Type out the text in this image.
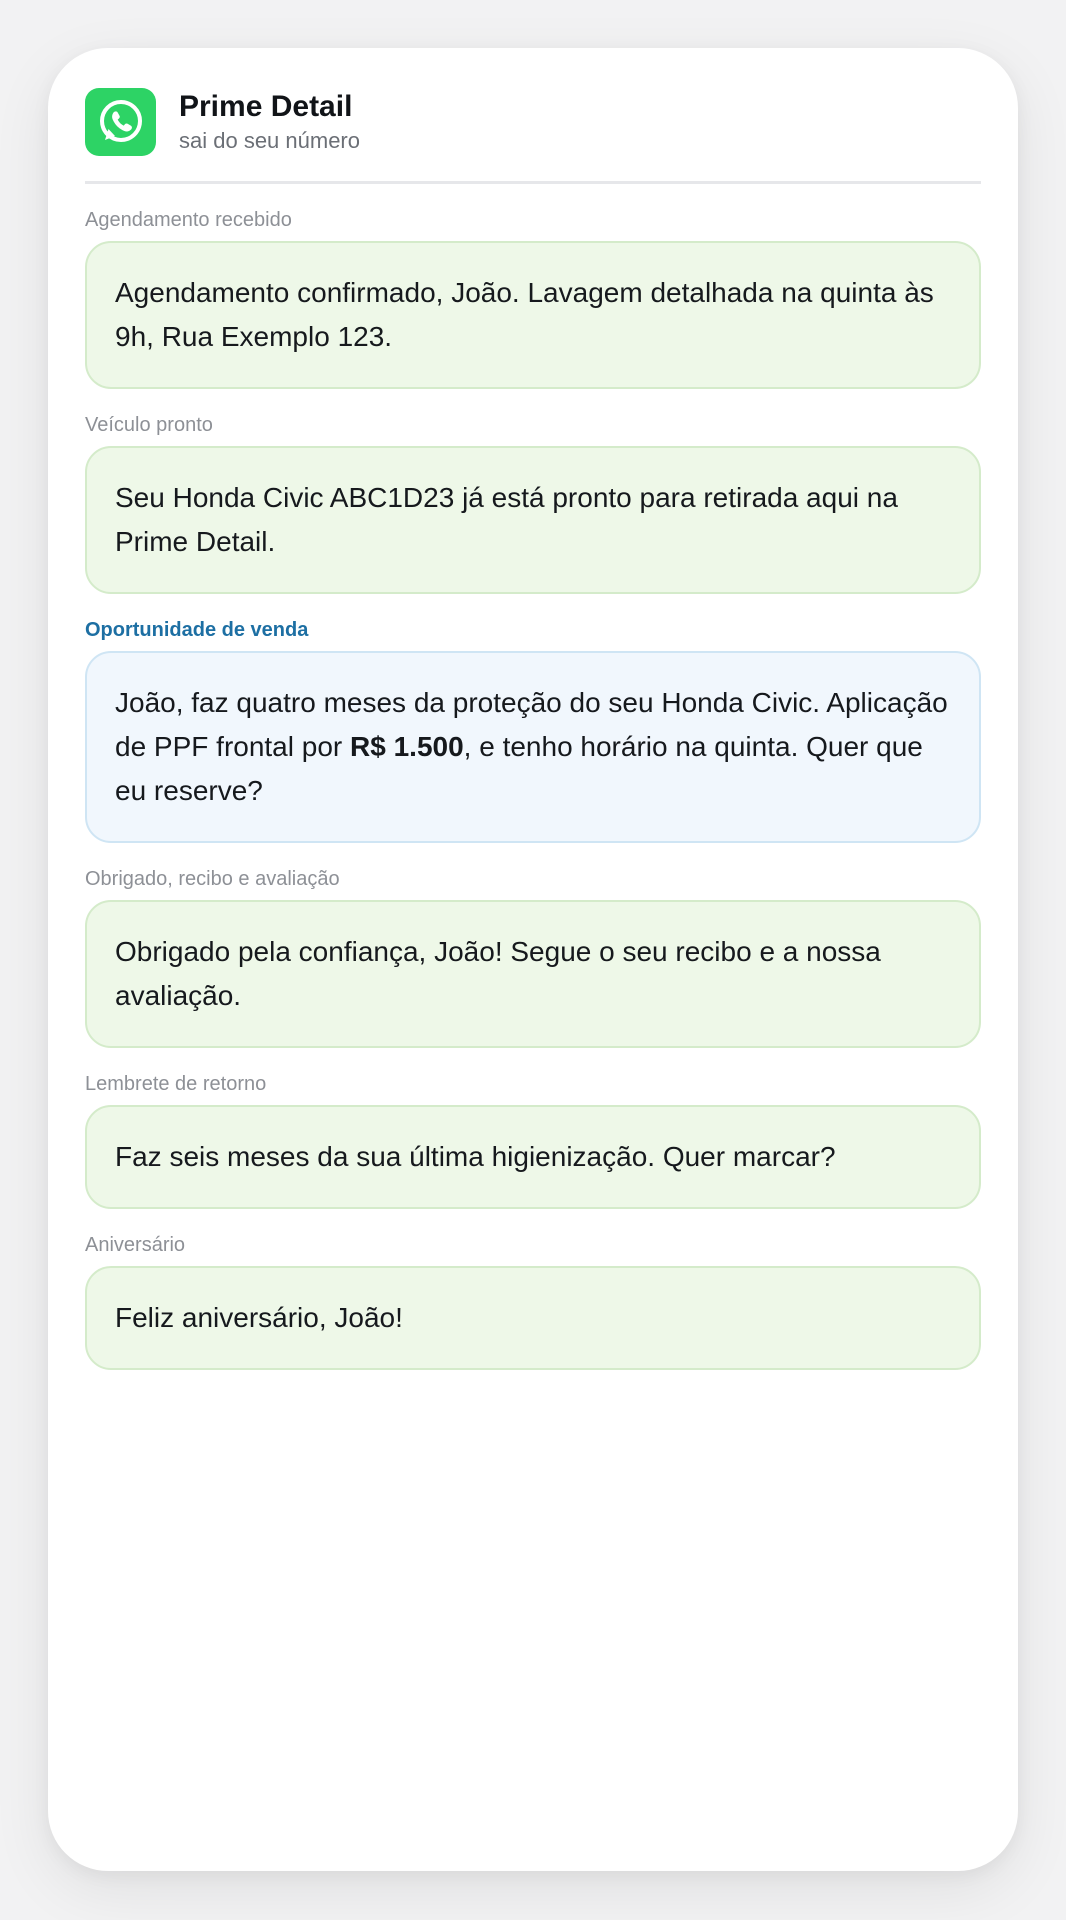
Prime Detail
sai do seu número

Agendamento recebido

Agendamento confirmado, João. Lavagem detalhada na quinta às 9h, Rua Exemplo 123.

Veículo pronto

Seu Honda Civic ABC1D23 já está pronto para retirada aqui na Prime Detail.

Oportunidade de venda

João, faz quatro meses da proteção do seu Honda Civic. Aplicação de PPF frontal por R$ 1.500, e tenho horário na quinta. Quer que eu reserve?

Obrigado, recibo e avaliação

Obrigado pela confiança, João! Segue o seu recibo e a nossa avaliação.

Lembrete de retorno

Faz seis meses da sua última higienização. Quer marcar?

Aniversário

Feliz aniversário, João!
